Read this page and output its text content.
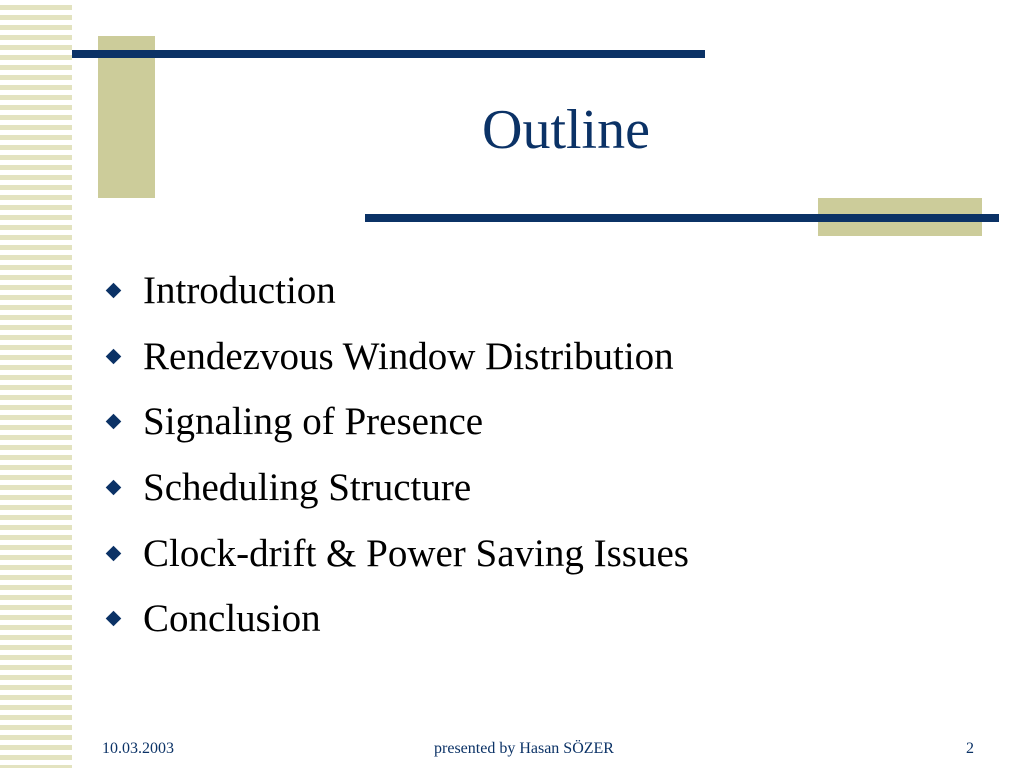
Outline
Introduction
Rendezvous Window Distribution
Signaling of Presence
Scheduling Structure
Clock-drift & Power Saving Issues
Conclusion
10.03.2003	presented by Hasan SÖZER	2
